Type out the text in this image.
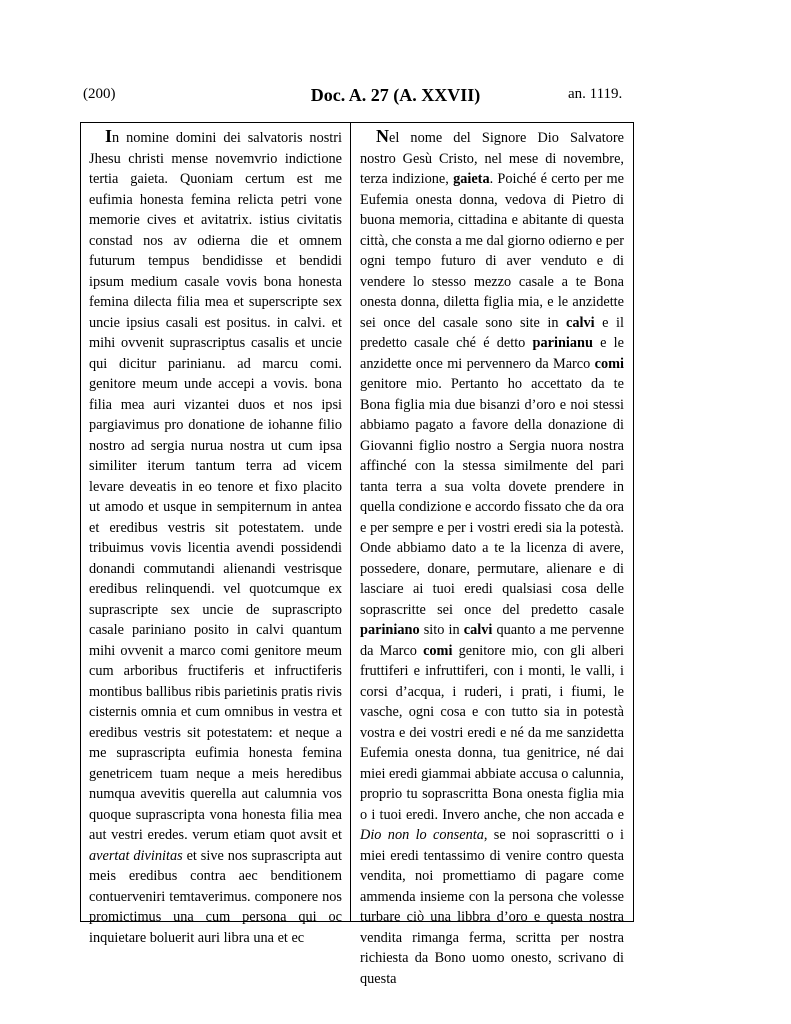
(200)	Doc. A. 27 (A. XXVII)	an. 1119.

In nomine domini dei salvatoris nostri Jhesu christi mense novemvrio indictione tertia gaieta. Quoniam certum est me eufimia honesta femina relicta petri vone memorie cives et avitatrix. istius civitatis constad nos av odierna die et omnem futurum tempus bendidisse et bendidi ipsum medium casale vovis bona honesta femina dilecta filia mea et superscripte sex uncie ipsius casali est positus. in calvi. et mihi ovvenit suprascriptus casalis et uncie qui dicitur parinianu. ad marcu comi. genitore meum unde accepi a vovis. bona filia mea auri vizantei duos et nos ipsi pargiavimus pro donatione de iohanne filio nostro ad sergia nurua nostra ut cum ipsa similiter iterum tantum terra ad vicem levare deveatis in eo tenore et fixo placito ut amodo et usque in sempiternum in antea et eredibus vestris sit potestatem. unde tribuimus vovis licentia avendi possidendi donandi commutandi alienandi vestrisque eredibus relinquendi. vel quotcumque ex suprascripte sex uncie de suprascripto casale pariniano posito in calvi quantum mihi ovvenit a marco comi genitore meum cum arboribus fructiferis et infructiferis montibus ballibus ribis parietinis pratis rivis cisternis omnia et cum omnibus in vestra et eredibus vestris sit potestatem: et neque a me suprascripta eufimia honesta femina genetricem tuam neque a meis heredibus numqua avevitis querella aut calumnia vos quoque suprascripta vona honesta filia mea aut vestri eredes. verum etiam quot avsit et avertat divinitas et sive nos suprascripta aut meis eredibus contra aec benditionem contuerveniri temtaverimus. componere nos promictimus una cum persona qui oc inquietare boluerit auri libra una et ec

Nel nome del Signore Dio Salvatore nostro Gesù Cristo, nel mese di novembre, terza indizione, gaieta. Poiché é certo per me Eufemia onesta donna, vedova di Pietro di buona memoria, cittadina e abitante di questa città, che consta a me dal giorno odierno e per ogni tempo futuro di aver venduto e di vendere lo stesso mezzo casale a te Bona onesta donna, diletta figlia mia, e le anzidette sei once del casale sono site in calvi e il predetto casale ché é detto parinianu e le anzidette once mi pervennero da Marco comi genitore mio. Pertanto ho accettato da te Bona figlia mia due bisanzi d’oro e noi stessi abbiamo pagato a favore della donazione di Giovanni figlio nostro a Sergia nuora nostra affinché con la stessa similmente del pari tanta terra a sua volta dovete prendere in quella condizione e accordo fissato che da ora e per sempre e per i vostri eredi sia la potestà. Onde abbiamo dato a te la licenza di avere, possedere, donare, permutare, alienare e di lasciare ai tuoi eredi qualsiasi cosa delle soprascritte sei once del predetto casale pariniano sito in calvi quanto a me pervenne da Marco comi genitore mio, con gli alberi fruttiferi e infruttiferi, con i monti, le valli, i corsi d’acqua, i ruderi, i prati, i fiumi, le vasche, ogni cosa e con tutto sia in potestà vostra e dei vostri eredi e né da me sanzidetta Eufemia onesta donna, tua genitrice, né dai miei eredi giammai abbiate accusa o calunnia, proprio tu soprascritta Bona onesta figlia mia o i tuoi eredi. Invero anche, che non accada e Dio non lo consenta, se noi soprascritti o i miei eredi tentassimo di venire contro questa vendita, noi promettiamo di pagare come ammenda insieme con la persona che volesse turbare ciò una libbra d’oro e questa nostra vendita rimanga ferma, scritta per nostra richiesta da Bono uomo onesto, scrivano di questa
